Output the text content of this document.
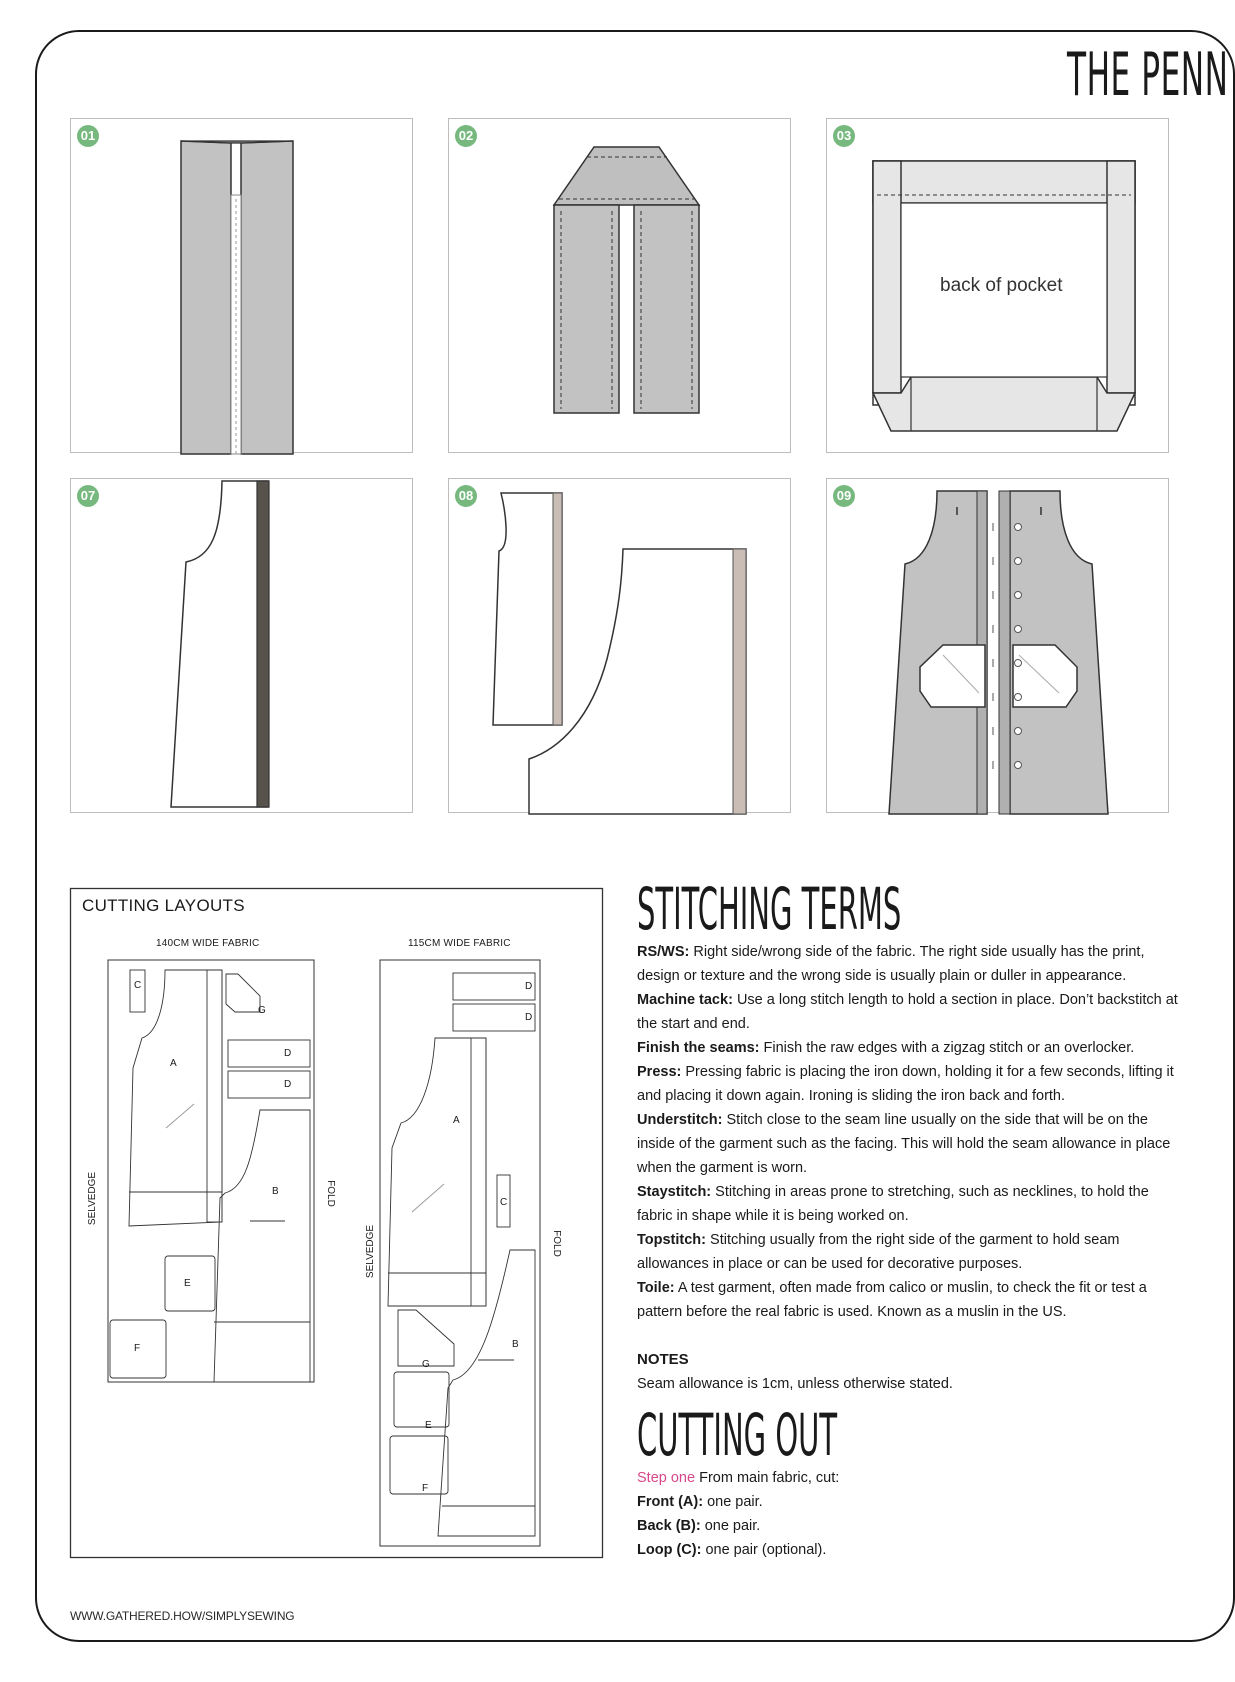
THE PENN
01	02	03
back of pocket
07	08	09
CUTTING LAYOUTS
140CM WIDE FABRIC	115CM WIDE FABRIC
SELVEDGE	FOLD
SELVEDGE	FOLD
C
G
A
D
D
B
E
F
D
D
A
C
B
G
E
F
STITCHING TERMS

RS/WS: Right side/wrong side of the fabric. The right side usually has the print, design or texture and the wrong side is usually plain or duller in appearance.

Machine tack: Use a long stitch length to hold a section in place. Don’t backstitch at the start and end.

Finish the seams: Finish the raw edges with a zigzag stitch or an overlocker.

Press: Pressing fabric is placing the iron down, holding it for a few seconds, lifting it and placing it down again. Ironing is sliding the iron back and forth.

Understitch: Stitch close to the seam line usually on the side that will be on the inside of the garment such as the facing. This will hold the seam allowance in place when the garment is worn.

Staystitch: Stitching in areas prone to stretching, such as necklines, to hold the fabric in shape while it is being worked on.

Topstitch: Stitching usually from the right side of the garment to hold seam allowances in place or can be used for decorative purposes.

Toile: A test garment, often made from calico or muslin, to check the fit or test a pattern before the real fabric is used. Known as a muslin in the US.

NOTES

Seam allowance is 1cm, unless otherwise stated.

CUTTING OUT

Step one From main fabric, cut:

Front (A): one pair.

Back (B): one pair.

Loop (C): one pair (optional).

WWW.GATHERED.HOW/SIMPLYSEWING
